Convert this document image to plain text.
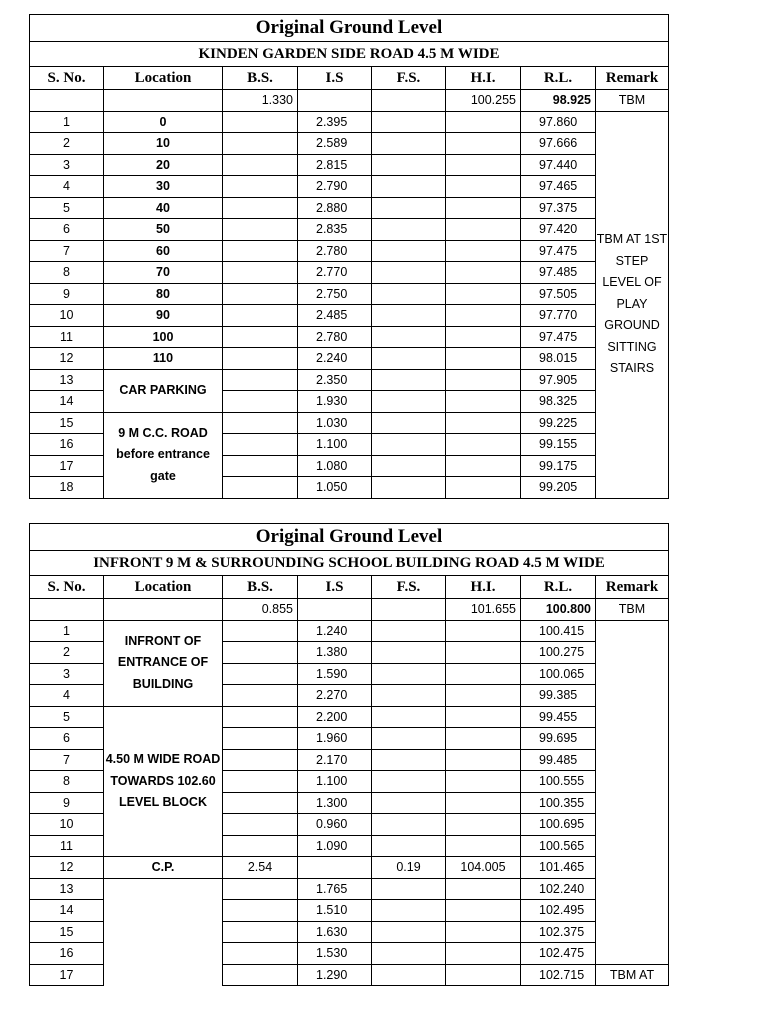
Original Ground Level							
KINDEN GARDEN SIDE ROAD 4.5 M WIDE							
S. No.	Location	B.S.	I.S	F.S.	H.I.	R.L.	Remark
		1.330			100.255	98.925	TBM
1	0		2.395			97.860	TBM AT 1ST STEP LEVEL OF PLAY GROUND SITTING STAIRS
2	10		2.589			97.666	
3	20		2.815			97.440	
4	30		2.790			97.465	
5	40		2.880			97.375	
6	50		2.835			97.420	
7	60		2.780			97.475	
8	70		2.770			97.485	
9	80		2.750			97.505	
10	90		2.485			97.770	
11	100		2.780			97.475	
12	110		2.240			98.015	
13	CAR PARKING		2.350			97.905	
14			1.930			98.325	
15	9 M C.C. ROAD before entrance gate		1.030			99.225	
16			1.100			99.155	
17			1.080			99.175	
18			1.050			99.205	
Original Ground Level							
INFRONT 9 M & SURROUNDING SCHOOL BUILDING ROAD 4.5 M WIDE							
S. No.	Location	B.S.	I.S	F.S.	H.I.	R.L.	Remark
		0.855			101.655	100.800	TBM
1	INFRONT OF ENTRANCE OF BUILDING		1.240			100.415	
2			1.380			100.275	
3			1.590			100.065	
4			2.270			99.385	
5	4.50 M WIDE ROAD TOWARDS 102.60 LEVEL BLOCK		2.200			99.455	
6			1.960			99.695	
7			2.170			99.485	
8			1.100			100.555	
9			1.300			100.355	
10			0.960			100.695	
11			1.090			100.565	
12	C.P.	2.54		0.19	104.005	101.465	
13			1.765			102.240	
14			1.510			102.495	
15			1.630			102.375	
16			1.530			102.475	
17			1.290			102.715	TBM AT
